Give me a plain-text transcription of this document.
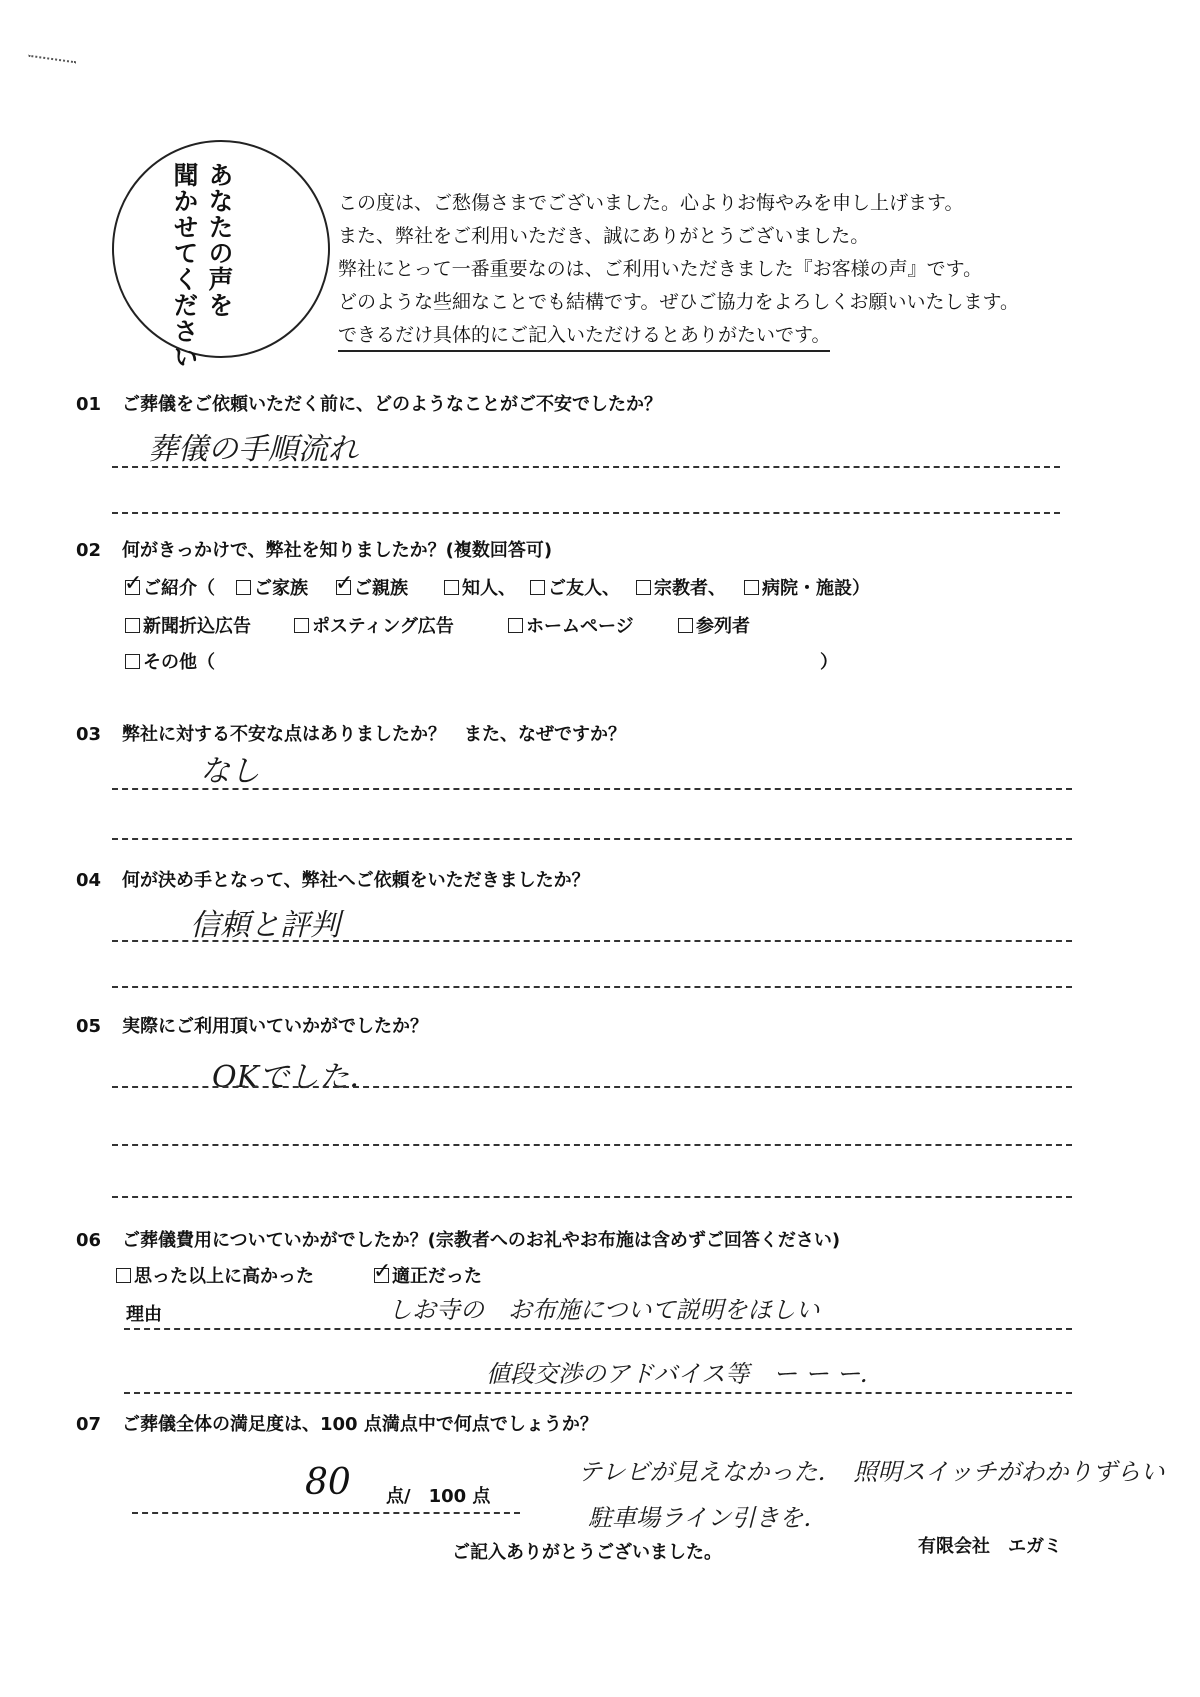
あなたの声を
聞かせてください	この度は、ご愁傷さまでございました。心よりお悔やみを申し上げます。
また、弊社をご利用いただき、誠にありがとうございました。
弊社にとって一番重要なのは、ご利用いただきました『お客様の声』です。
どのような些細なことでも結構です。ぜひご協力をよろしくお願いいたします。
できるだけ具体的にご記入いただけるとありがたいです。
01 ご葬儀をご依頼いただく前に、どのようなことがご不安でしたか？
葬儀の手順流れ
02 何がきっかけで、弊社を知りましたか？(複数回答可)
✓ご紹介（	ご家族 ✓	ご親族	知人、	ご友人、	宗教者、	病院・施設）
新聞折込広告	ポスティング広告	ホームページ	参列者
その他（	）
03 弊社に対する不安な点はありましたか？　また、なぜですか？
なし
04 何が決め手となって、弊社へご依頼をいただきましたか？
信頼と評判
05 実際にご利用頂いていかがでしたか？
OKでした．
06 ご葬儀費用についていかがでしたか？(宗教者へのお礼やお布施は含めずご回答ください)
思った以上に高かった ✓	適正だった
理由	しお寺の　お布施について説明をほしい
値段交渉のアドバイス等　ー ー ー．
07 ご葬儀全体の満足度は、100 点満点中で何点でしょうか？
80 点/　100 点
テレビが見えなかった．　照明スイッチがわかりずらい
駐車場ライン引きを．
ご記入ありがとうございました。	有限会社　エガミ
